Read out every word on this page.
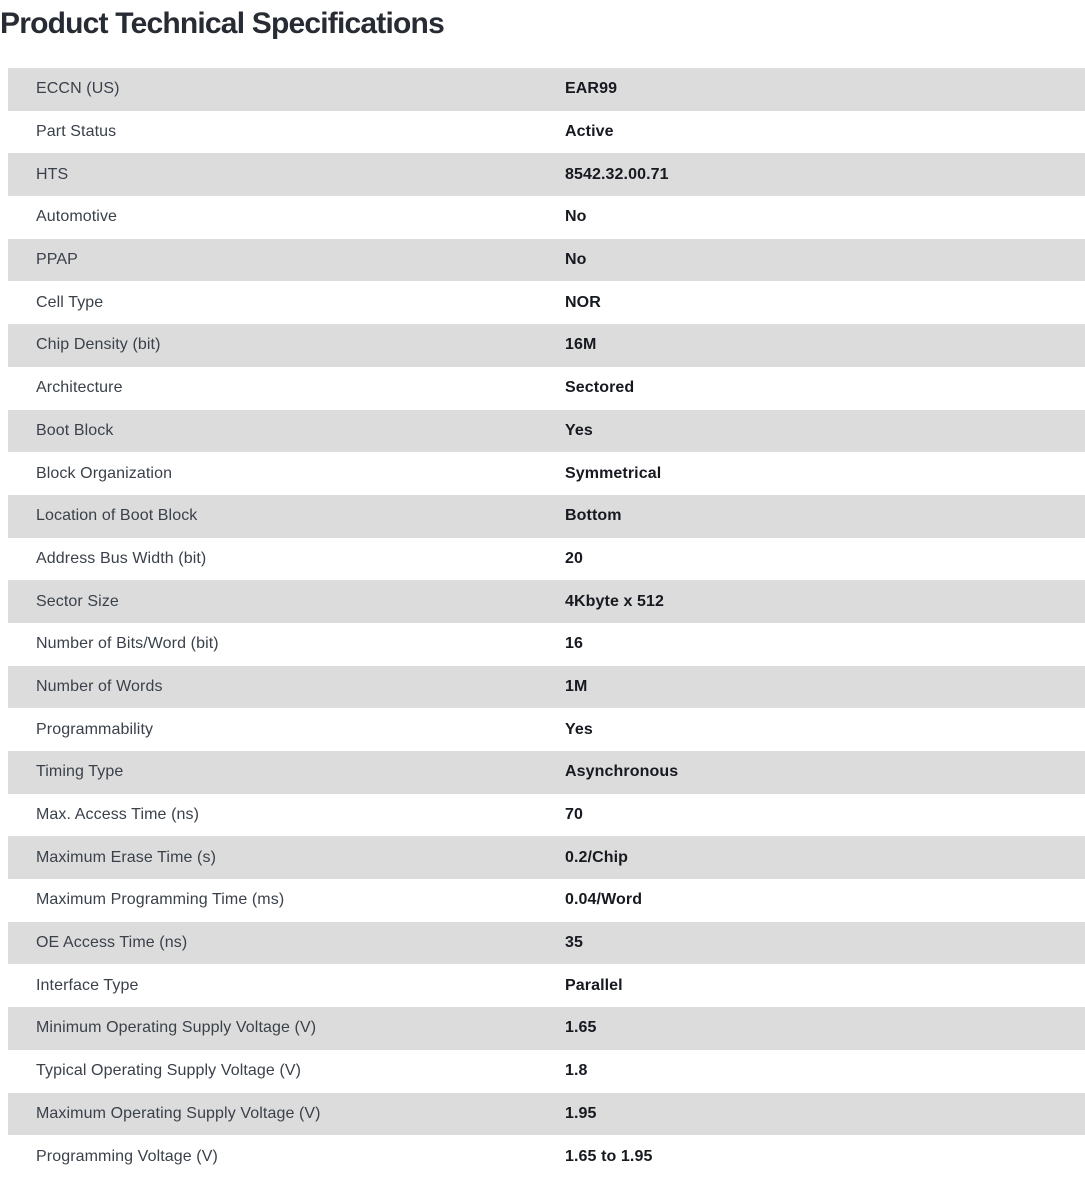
Product Technical Specifications
ECCN (US)	EAR99
Part Status	Active
HTS	8542.32.00.71
Automotive	No
PPAP	No
Cell Type	NOR
Chip Density (bit)	16M
Architecture	Sectored
Boot Block	Yes
Block Organization	Symmetrical
Location of Boot Block	Bottom
Address Bus Width (bit)	20
Sector Size	4Kbyte x 512
Number of Bits/Word (bit)	16
Number of Words	1M
Programmability	Yes
Timing Type	Asynchronous
Max. Access Time (ns)	70
Maximum Erase Time (s)	0.2/Chip
Maximum Programming Time (ms)	0.04/Word
OE Access Time (ns)	35
Interface Type	Parallel
Minimum Operating Supply Voltage (V)	1.65
Typical Operating Supply Voltage (V)	1.8
Maximum Operating Supply Voltage (V)	1.95
Programming Voltage (V)	1.65 to 1.95
